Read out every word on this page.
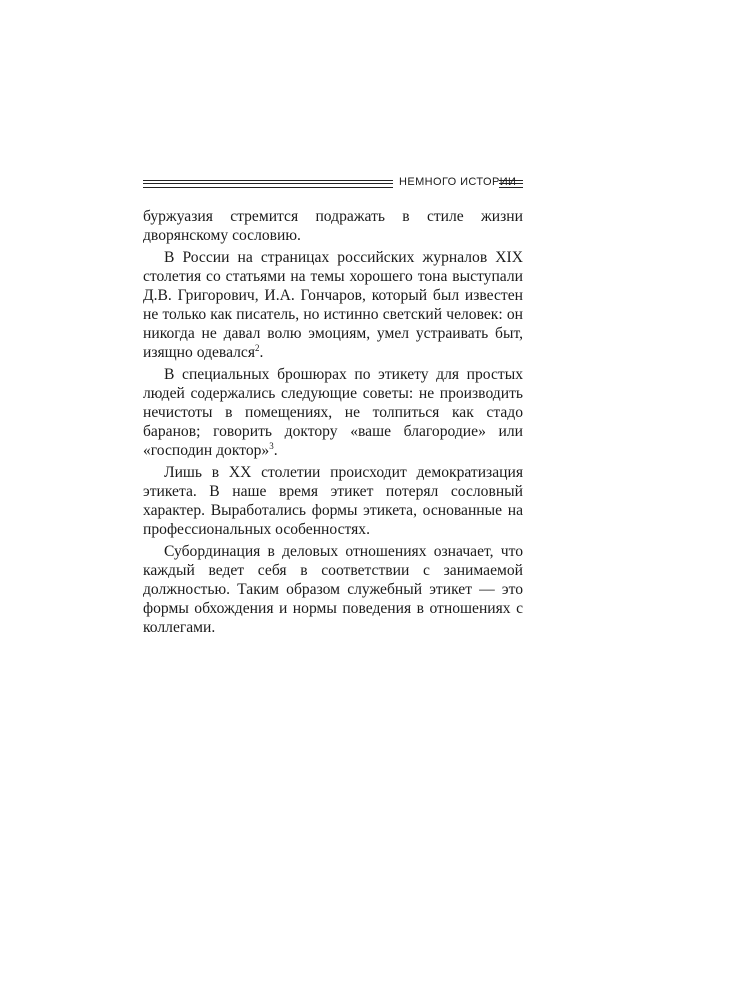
НЕМНОГО ИСТОРИИ

буржуазия стремится подражать в стиле жизни дворянскому сословию.

В России на страницах российских журналов XIX столетия со статьями на темы хорошего тона выступали Д.В. Григорович, И.А. Гончаров, который был известен не только как писатель, но истинно светский человек: он никогда не давал волю эмоциям, умел устраивать быт, изящно одевался$^2$.

В специальных брошюрах по этикету для простых людей содержались следующие советы: не производить нечистоты в помещениях, не толпиться как стадо баранов; говорить доктору «ваше благородие» или «господин доктор»$^3$.

Лишь в XX столетии происходит демократизация этикета. В наше время этикет потерял сословный характер. Выработались формы этикета, основанные на профессиональных особенностях.

Субординация в деловых отношениях означает, что каждый ведет себя в соответствии с занимаемой должностью. Таким образом служебный этикет — это формы обхождения и нормы поведения в отношениях с коллегами.
